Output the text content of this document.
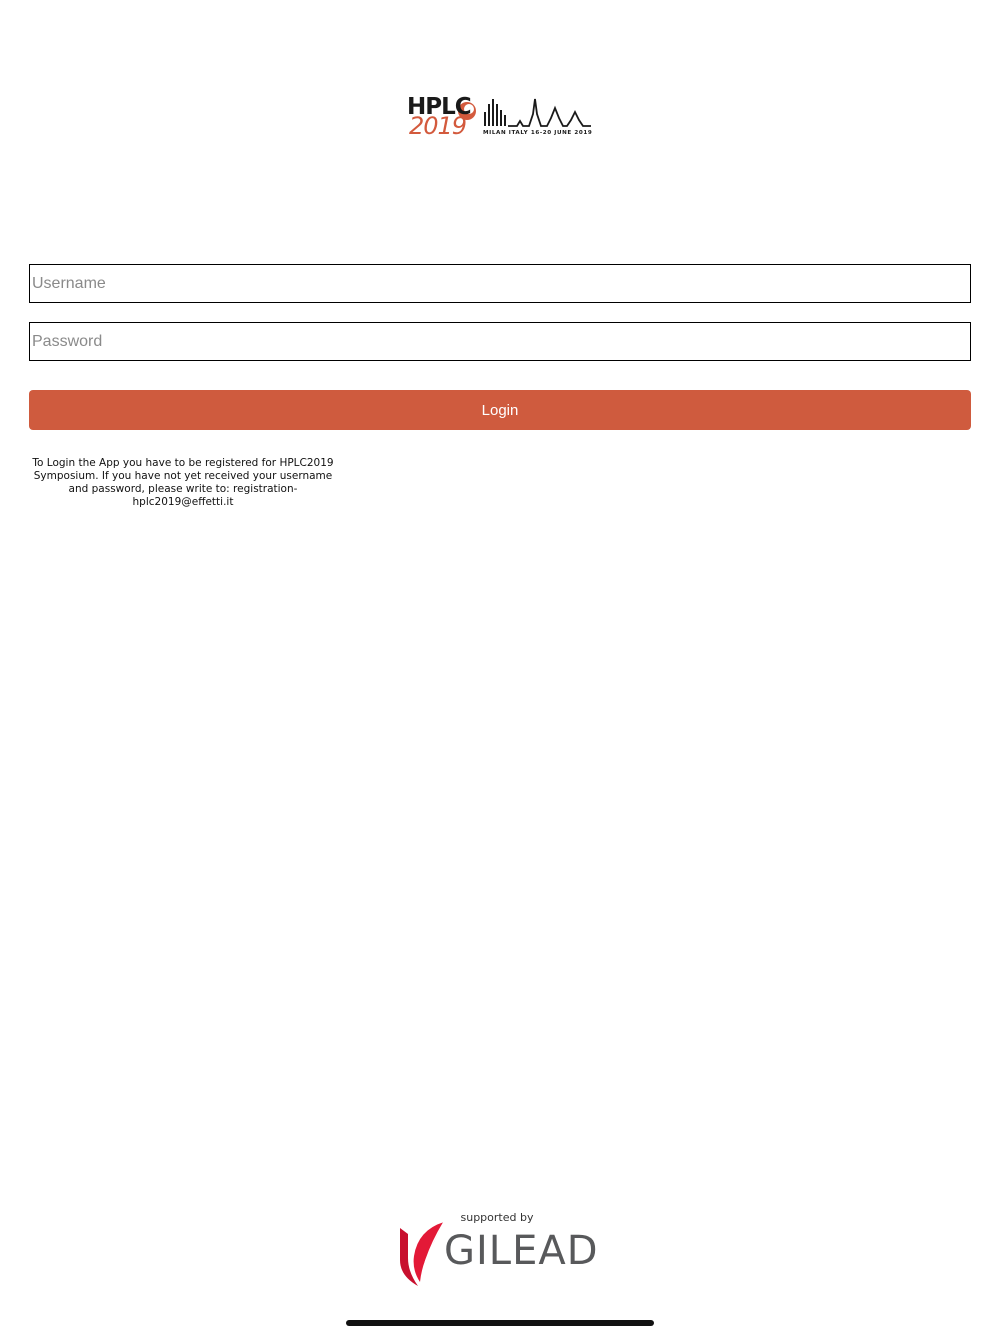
HPLC
2019	MILAN ITALY 16-20 JUNE 2019
Username
Login
To Login the App you have to be registered for HPLC2019 Symposium. If you have not yet received your username and password, please write to: registration-hplc2019@effetti.it
supported by
GILEAD
